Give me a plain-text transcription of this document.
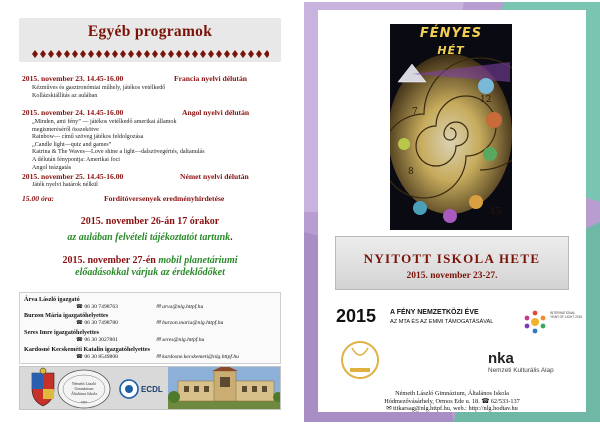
Egyéb programok
2015. november 23. 14.45-16.00	Francia nyelvi délután
Kézműves és gasztronómiai műhely, játékos vetélkedő
Kollázskiállítás az aulában
2015. november 24. 14.45-16.00	Angol nyelvi délután
„Minden, ami fény” — játékos vetélkedő amerikai államok
megismeréséről összekötve
Rainbow— című szöveg játékos feldolgozása
„Candle light—quiz and games”
Katrina & The Waves—Love shine a light—dalszövegértés, daltanulás
A délután fénypontja: Amerikai foci
Angol teázgatás
2015. november 25. 14.45-16.00	Német nyelvi délután
Játék nyelvi határok nélkül
15.00 óra:	Fordítóversenyek eredményhirdetése
2015. november 26-án 17 órakor
az aulában felvételi tájékoztatót tartunk.
2015. november 27-én mobil planetáriumi
előadásokkal várjuk az érdeklődőket
Árva László igazgató
☎ 06 30 7498763	✉ arva@nlg.httpf.hu
Burzon Mária igazgatóhelyettes
☎ 06 30 7498780	✉ burzon.maria@nlg.httpf.hu
Seres Imre igazgatóhelyettes
☎ 06 30 3027801	✉ seres@nlg.httpf.hu
Kardosné Kecskeméti Katalin igazgatóhelyettes
☎ 06 30 8549808	✉ kardosne.kecskemeti@nlg.httpf.hu
Németh László
Gimnázium
Általános Iskola
1961
ECDL
15
8
7
12
FÉNYES
HÉT
NYITOTT ISKOLA HETE
2015. november 23-27.
2015 A FÉNY NEMZETKÖZI ÉVE
AZ MTA ÉS AZ EMMI TÁMOGATÁSÁVAL
INTERNATIONAL YEAR OF LIGHT 2015
nka
Nemzeti Kulturális Alap
Németh László Gimnázium, Általános Iskola
Hódmezővásárhely, Ormos Ede u. 18. ☎ 62/533-137
✉ titkarsag@nlg.httpf.hu, web.: http://nlg.hodtav.hu
